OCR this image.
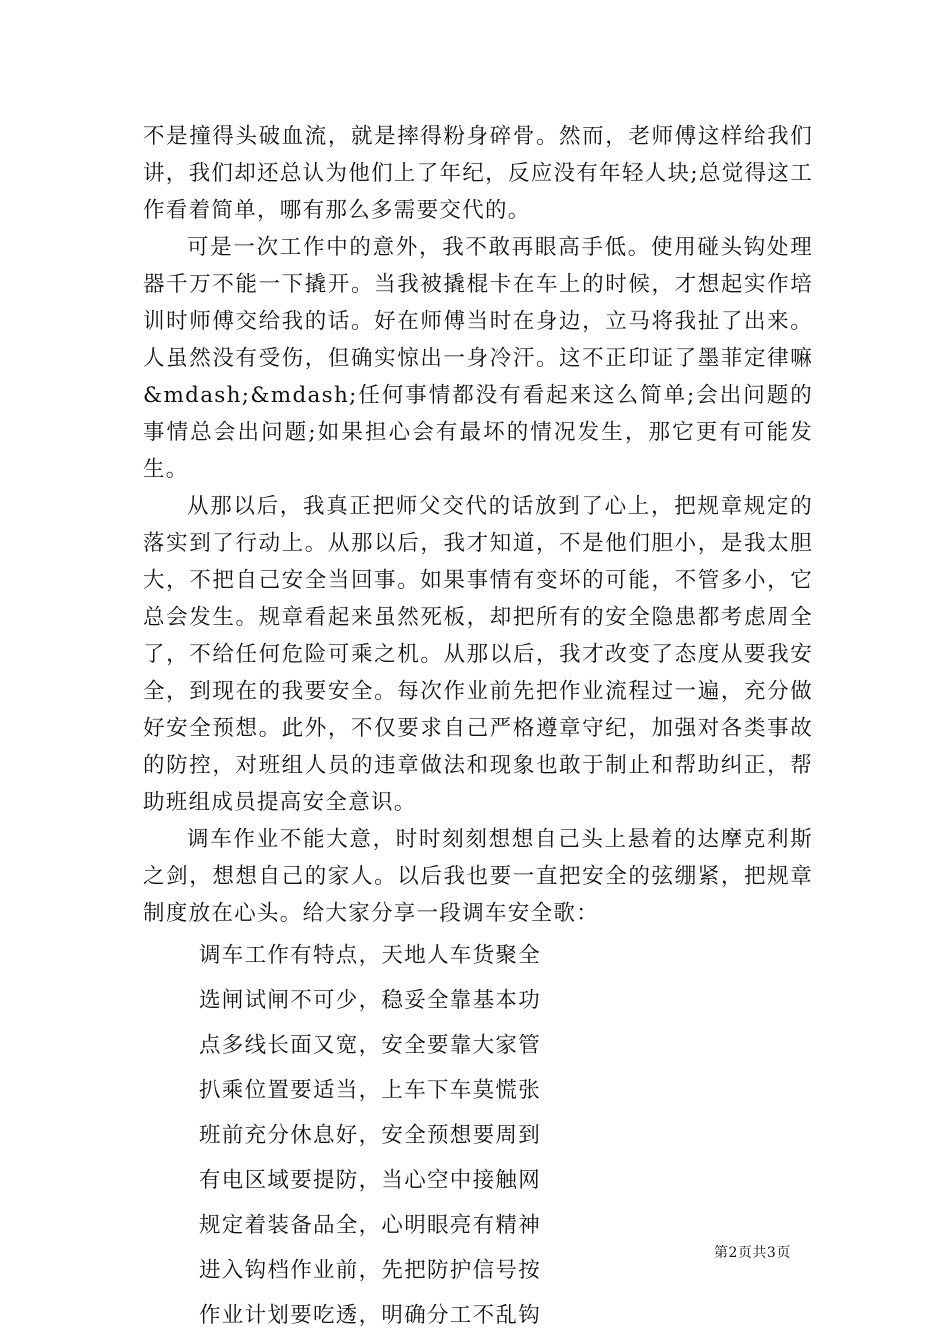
不是撞得头破血流，就是摔得粉身碎骨。然而，老师傅这样给我们讲，我们却还总认为他们上了年纪，反应没有年轻人块;总觉得这工作看着简单，哪有那么多需要交代的。

可是一次工作中的意外，我不敢再眼高手低。使用碰头钩处理器千万不能一下撬开。当我被撬棍卡在车上的时候，才想起实作培训时师傅交给我的话。好在师傅当时在身边，立马将我扯了出来。人虽然没有受伤，但确实惊出一身冷汗。这不正印证了墨菲定律嘛&mdash;&mdash;任何事情都没有看起来这么简单;会出问题的事情总会出问题;如果担心会有最坏的情况发生，那它更有可能发生。

从那以后，我真正把师父交代的话放到了心上，把规章规定的落实到了行动上。从那以后，我才知道，不是他们胆小，是我太胆大，不把自己安全当回事。如果事情有变坏的可能，不管多小，它总会发生。规章看起来虽然死板，却把所有的安全隐患都考虑周全了，不给任何危险可乘之机。从那以后，我才改变了态度从要我安全，到现在的我要安全。每次作业前先把作业流程过一遍，充分做好安全预想。此外，不仅要求自己严格遵章守纪，加强对各类事故的防控，对班组人员的违章做法和现象也敢于制止和帮助纠正，帮助班组成员提高安全意识。

调车作业不能大意，时时刻刻想想自己头上悬着的达摩克利斯之剑，想想自己的家人。以后我也要一直把安全的弦绷紧，把规章制度放在心头。给大家分享一段调车安全歌：

调车工作有特点，天地人车货聚全
选闸试闸不可少，稳妥全靠基本功
点多线长面又宽，安全要靠大家管
扒乘位置要适当，上车下车莫慌张
班前充分休息好，安全预想要周到
有电区域要提防，当心空中接触网
规定着装备品全，心明眼亮有精神
进入钩档作业前，先把防护信号按
作业计划要吃透，明确分工不乱钩
第2页共3页
